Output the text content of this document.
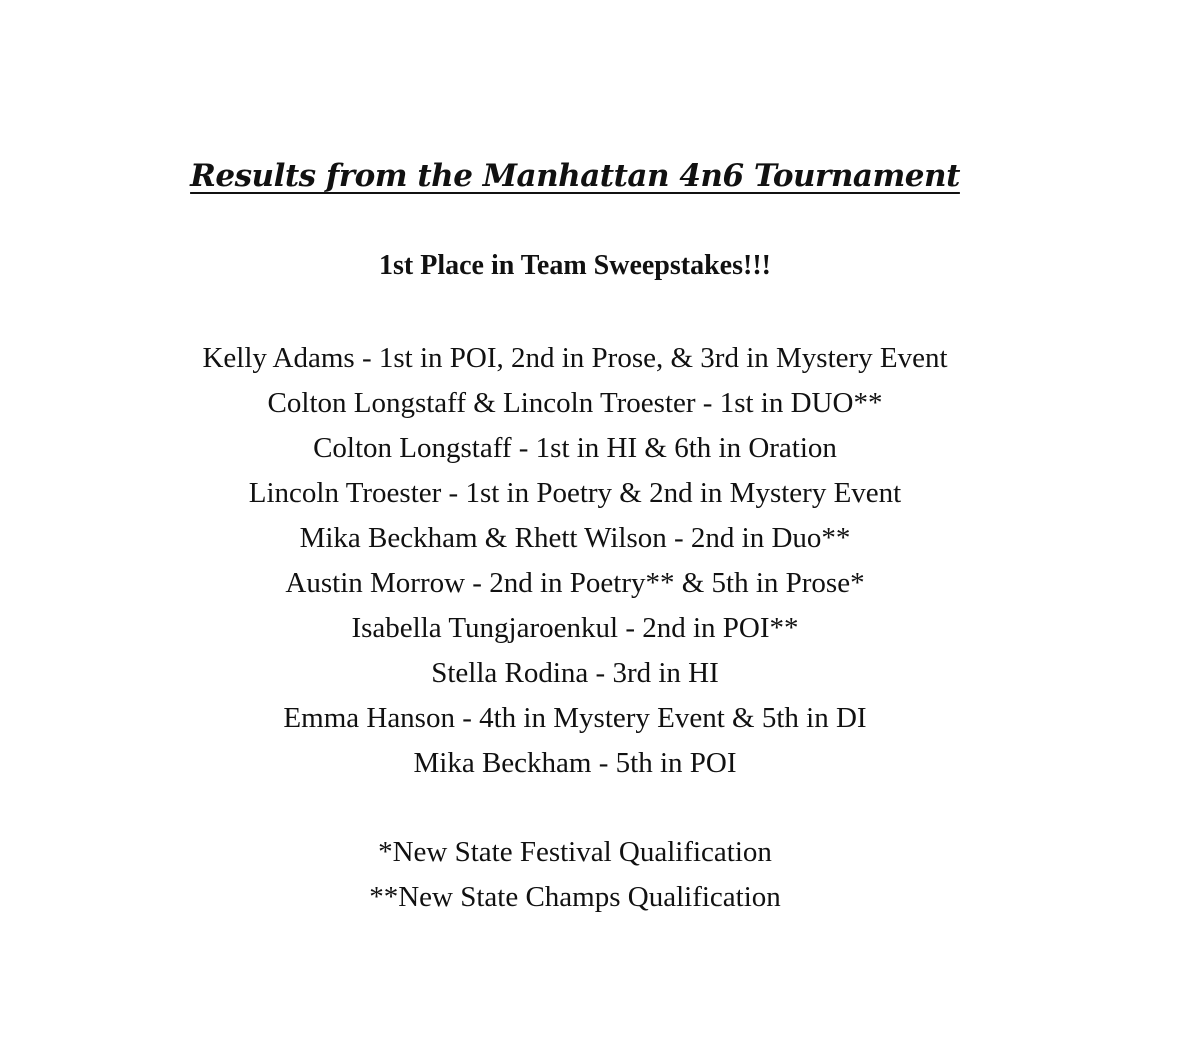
Results from the Manhattan 4n6 Tournament
1st Place in Team Sweepstakes!!!
Kelly Adams - 1st in POI, 2nd in Prose, & 3rd in Mystery Event
Colton Longstaff & Lincoln Troester - 1st in DUO**
Colton Longstaff - 1st in HI & 6th in Oration
Lincoln Troester - 1st in Poetry & 2nd in Mystery Event
Mika Beckham & Rhett Wilson - 2nd in Duo**
Austin Morrow - 2nd in Poetry** & 5th in Prose*
Isabella Tungjaroenkul - 2nd in POI**
Stella Rodina - 3rd in HI
Emma Hanson - 4th in Mystery Event & 5th in DI
Mika Beckham - 5th in POI
*New State Festival Qualification
**New State Champs Qualification
